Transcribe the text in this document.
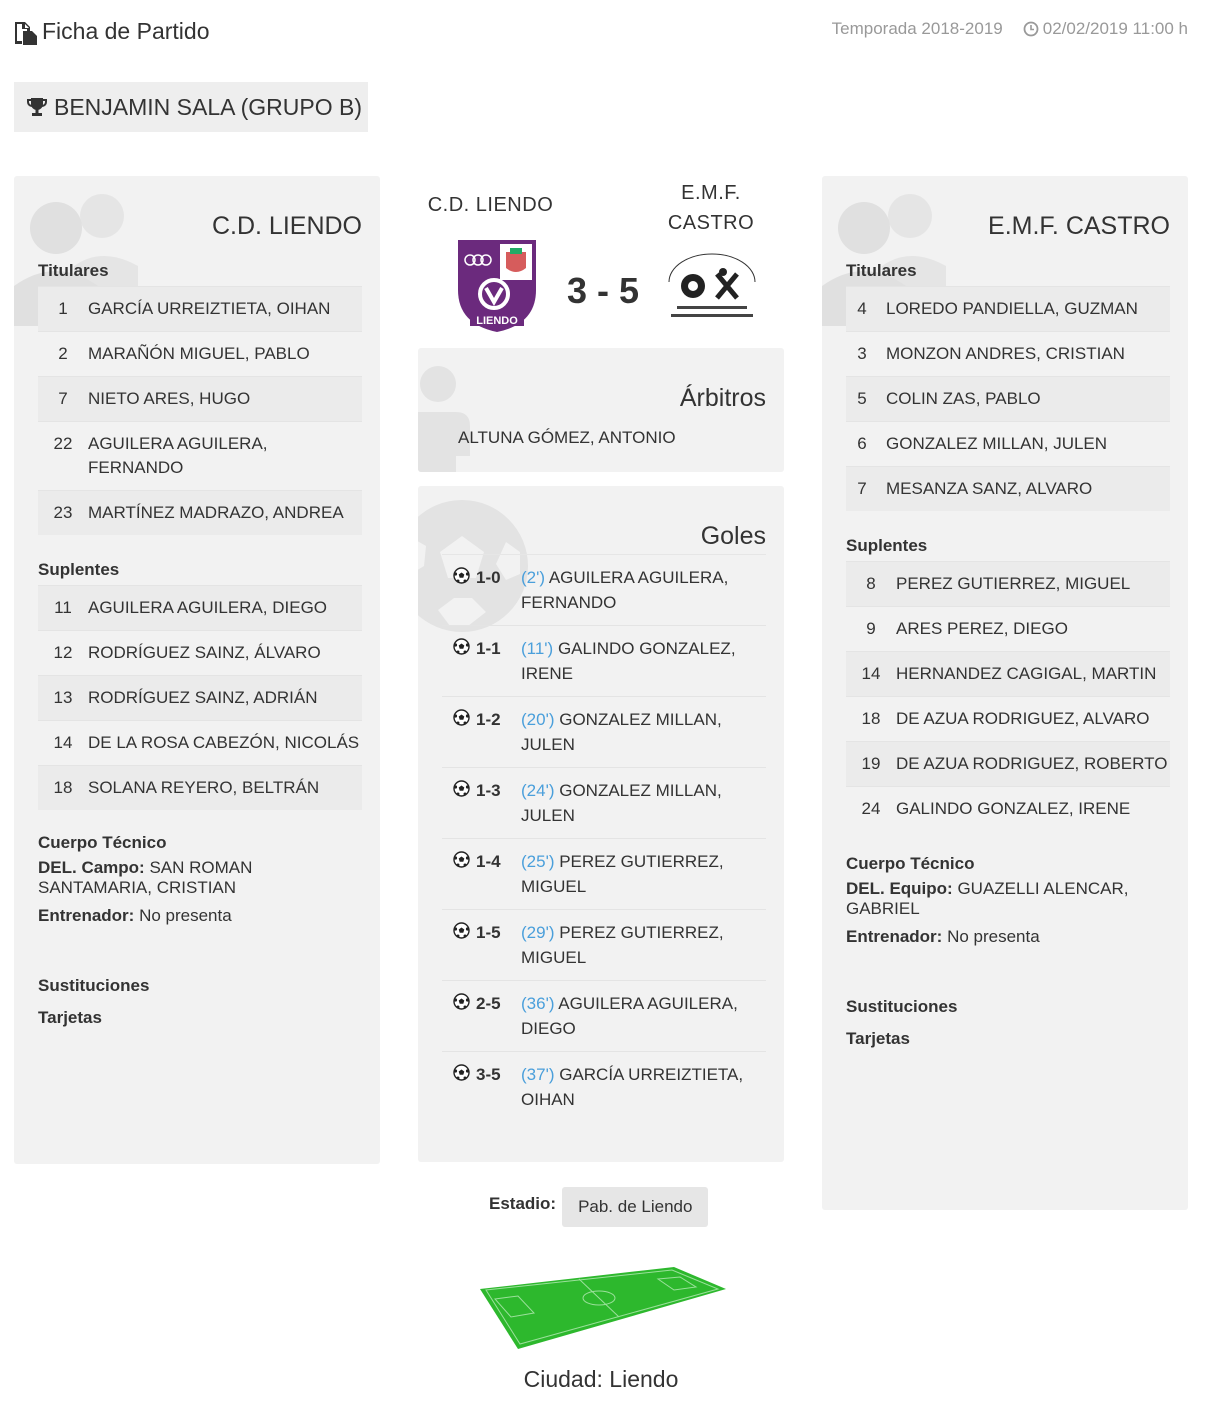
Ficha de Partido	Temporada 2018-2019 02/02/2019 11:00 h
BENJAMIN SALA (GRUPO B)
C.D. LIENDO
Titulares
1	GARCÍA URREIZTIETA, OIHAN
2	MARAÑÓN MIGUEL, PABLO
7	NIETO ARES, HUGO
22 AGUILERA AGUILERA, FERNANDO
23 MARTÍNEZ MADRAZO, ANDREA
Suplentes
11 AGUILERA AGUILERA, DIEGO
12 RODRÍGUEZ SAINZ, ÁLVARO
13 RODRÍGUEZ SAINZ, ADRIÁN
14 DE LA ROSA CABEZÓN, NICOLÁS
18 SOLANA REYERO, BELTRÁN
Cuerpo Técnico
DEL. Campo: SAN ROMAN SANTAMARIA, CRISTIAN
Entrenador: No presenta
Sustituciones
Tarjetas
C.D. LIENDO
E.M.F.
CASTRO
LIENDO
3 - 5
Árbitros
ALTUNA GÓMEZ, ANTONIO
Goles
1-0	(2') AGUILERA AGUILERA, FERNANDO
1-1	(11') GALINDO GONZALEZ, IRENE
1-2	(20') GONZALEZ MILLAN, JULEN
1-3	(24') GONZALEZ MILLAN, JULEN
1-4	(25') PEREZ GUTIERREZ, MIGUEL
1-5	(29') PEREZ GUTIERREZ, MIGUEL
2-5	(36') AGUILERA AGUILERA, DIEGO
3-5	(37') GARCÍA URREIZTIETA, OIHAN
E.M.F. CASTRO
Titulares
4	LOREDO PANDIELLA, GUZMAN
3	MONZON ANDRES, CRISTIAN
5	COLIN ZAS, PABLO
6	GONZALEZ MILLAN, JULEN
7	MESANZA SANZ, ALVARO
Suplentes
8	PEREZ GUTIERREZ, MIGUEL
9	ARES PEREZ, DIEGO
14 HERNANDEZ CAGIGAL, MARTIN
18 DE AZUA RODRIGUEZ, ALVARO
19 DE AZUA RODRIGUEZ, ROBERTO
24 GALINDO GONZALEZ, IRENE
Cuerpo Técnico
DEL. Equipo: GUAZELLI ALENCAR, GABRIEL
Entrenador: No presenta
Sustituciones
Tarjetas
Estadio:	Pab. de Liendo
Ciudad: Liendo
